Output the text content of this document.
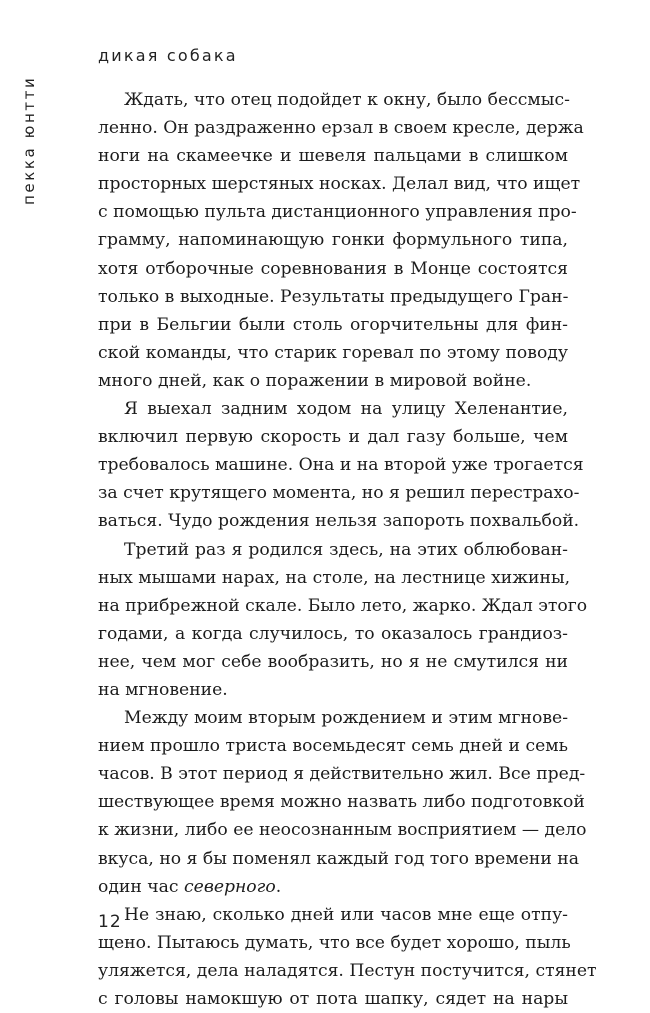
дикая собака
пекка юнтти	Ждать, что отец подойдет к окну, было бессмыс-
ленно. Он раздраженно ерзал в своем кресле, держа
ноги на скамеечке и шевеля пальцами в слишком
просторных шерстяных носках. Делал вид, что ищет
с помощью пульта дистанционного управления про-
грамму, напоминающую гонки формульного типа,
хотя отборочные соревнования в Монце состоятся
только в выходные. Результаты предыдущего Гран-
при в Бельгии были столь огорчительны для фин-
ской команды, что старик горевал по этому поводу
много дней, как о поражении в мировой войне.

Я выехал задним ходом на улицу Хеленантие,
включил первую скорость и дал газу больше, чем
требовалось машине. Она и на второй уже трогается
за счет крутящего момента, но я решил перестрахо-
ваться. Чудо рождения нельзя запороть похвальбой.

Третий раз я родился здесь, на этих облюбован-
ных мышами нарах, на столе, на лестнице хижины,
на прибрежной скале. Было лето, жарко. Ждал этого
годами, а когда случилось, то оказалось грандиоз-
нее, чем мог себе вообразить, но я не смутился ни
на мгновение.

Между моим вторым рождением и этим мгнове-
нием прошло триста восемьдесят семь дней и семь
часов. В этот период я действительно жил. Все пред-
шествующее время можно назвать либо подготовкой
к жизни, либо ее неосознанным восприятием — дело
вкуса, но я бы поменял каждый год того времени на
один час северного.

Не знаю, сколько дней или часов мне еще отпу-
щено. Пытаюсь думать, что все будет хорошо, пыль
уляжется, дела наладятся. Пестун постучится, стянет
с головы намокшую от пота шапку, сядет на нары

12
